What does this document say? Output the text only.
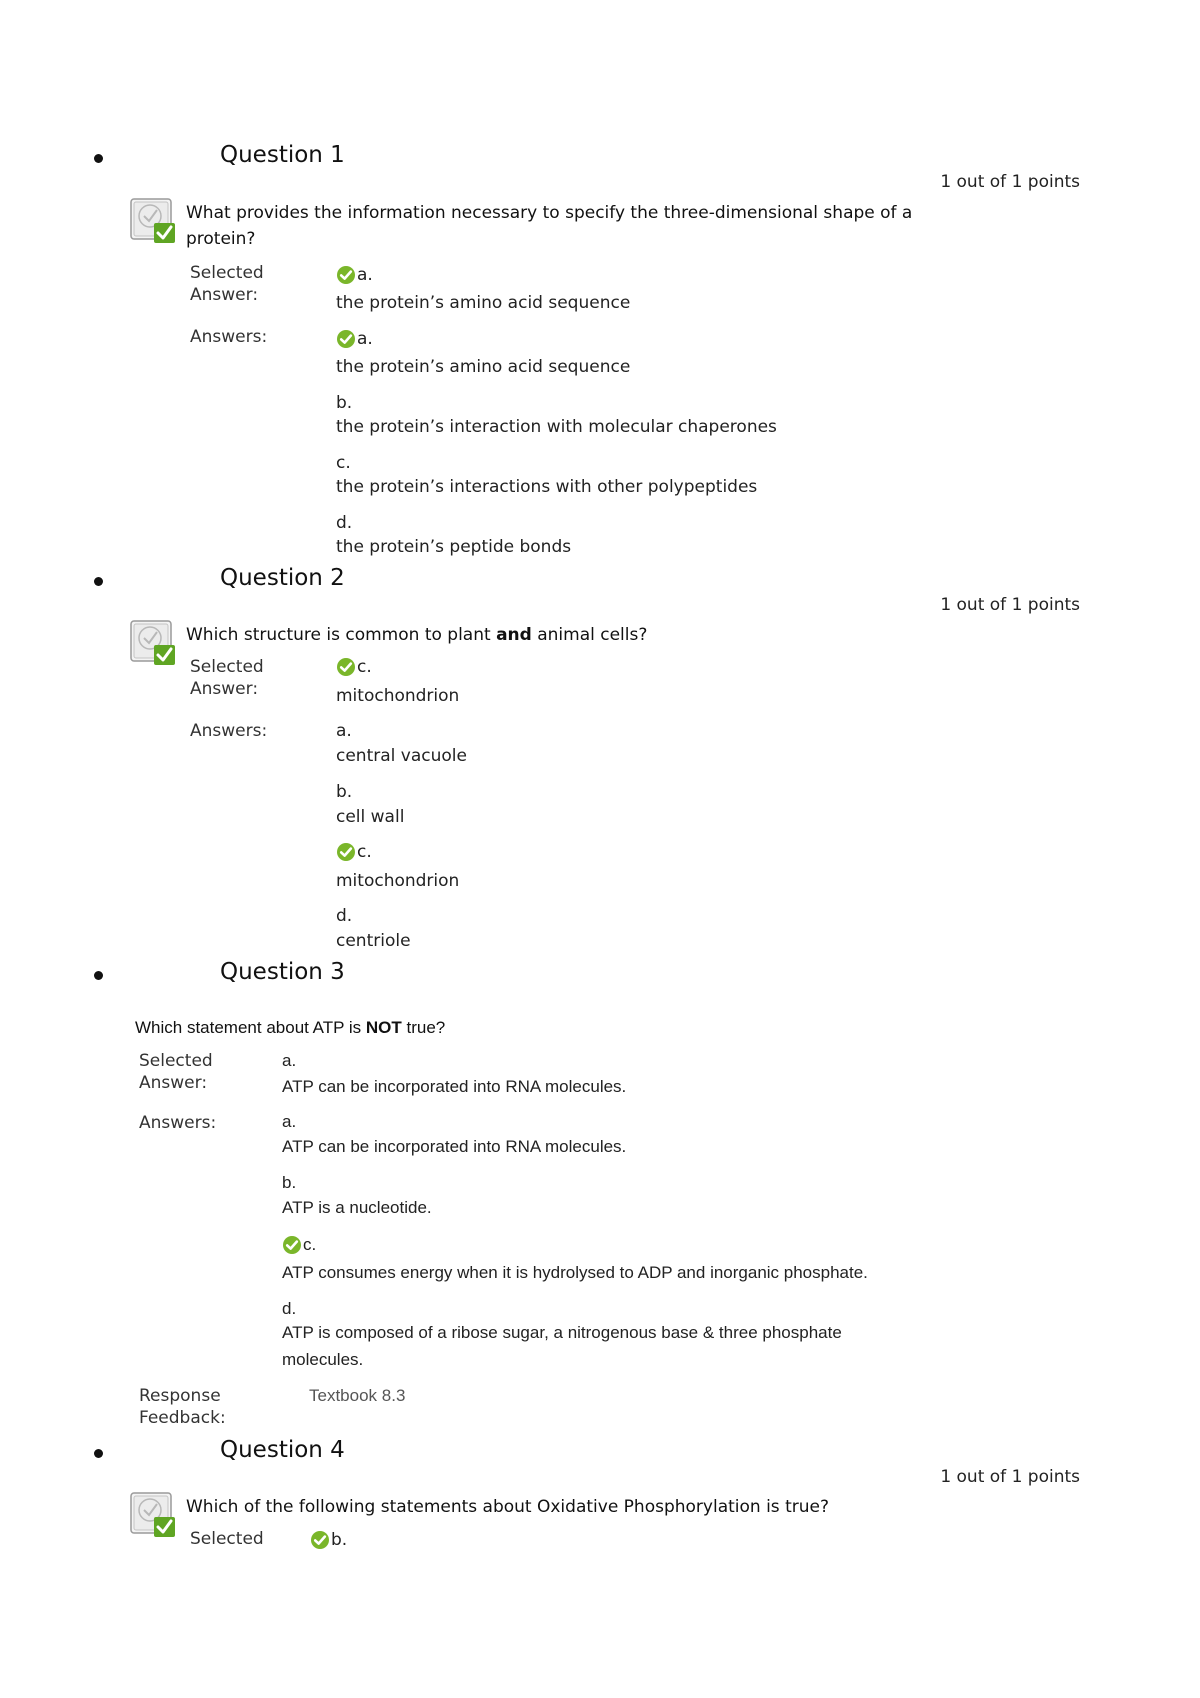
Question 1
1 out of 1 points
What provides the information necessary to specify the three-dimensional shape of a
protein?
Selected
Answer:
a.
the protein’s amino acid sequence
Answers:	a.
the protein’s amino acid sequence
b.
the protein’s interaction with molecular chaperones
c.
the protein’s interactions with other polypeptides
d.
the protein’s peptide bonds
Question 2
1 out of 1 points
Which structure is common to plant and animal cells?
Selected
Answer:
c.
mitochondrion
Answers:	a.
central vacuole
b.
cell wall
c.
mitochondrion
d.
centriole
Question 3
Which statement about ATP is NOT true?
Selected
Answer:
a.
ATP can be incorporated into RNA molecules.
Answers:	a.
ATP can be incorporated into RNA molecules.
b.
ATP is a nucleotide.
c.
ATP consumes energy when it is hydrolysed to ADP and inorganic phosphate.
d.
ATP is composed of a ribose sugar, a nitrogenous base & three phosphate
molecules.
Response
Feedback:
Textbook 8.3
Question 4
1 out of 1 points
Which of the following statements about Oxidative Phosphorylation is true?
Selected	b.
